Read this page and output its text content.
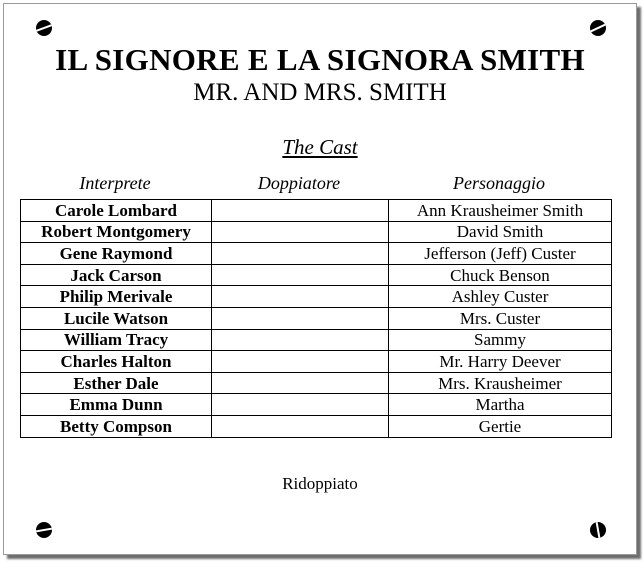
IL SIGNORE E LA SIGNORA SMITH
MR. AND MRS. SMITH
The Cast
Interprete	Doppiatore	Personaggio
Carole Lombard		Ann Krausheimer Smith
Robert Montgomery		David Smith
Gene Raymond		Jefferson (Jeff) Custer
Jack Carson		Chuck Benson
Philip Merivale		Ashley Custer
Lucile Watson		Mrs. Custer
William Tracy		Sammy
Charles Halton		Mr. Harry Deever
Esther Dale		Mrs. Krausheimer
Emma Dunn		Martha
Betty Compson		Gertie
Ridoppiato
